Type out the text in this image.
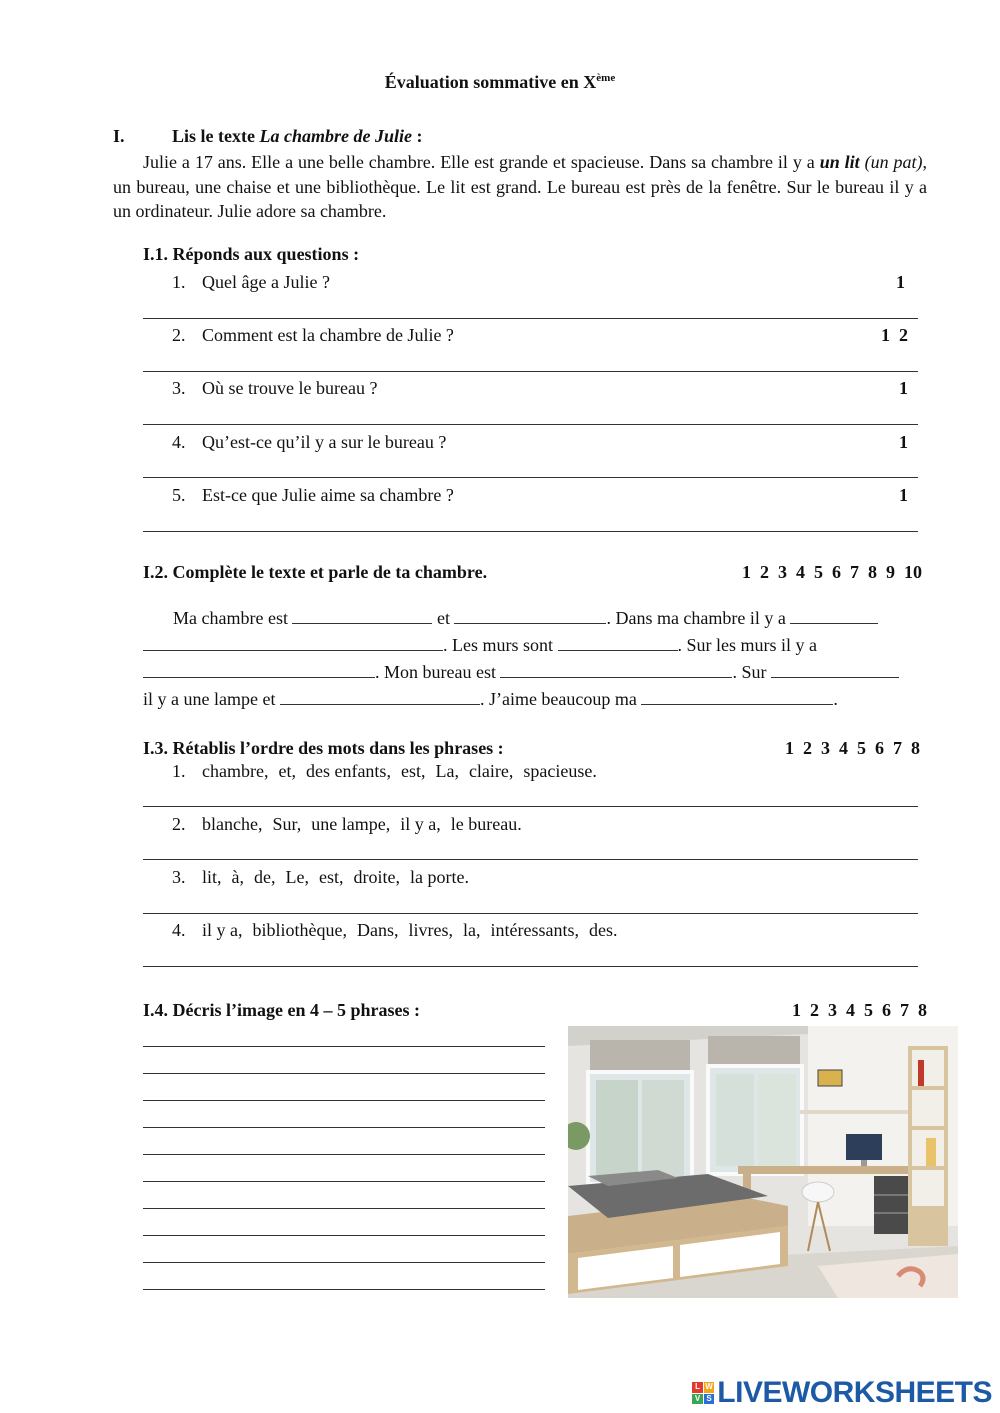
Évaluation sommative en Xème
I.	Lis le texte La chambre de Julie :
Julie a 17 ans. Elle a une belle chambre. Elle est grande et spacieuse. Dans sa chambre il y a un lit (un pat), un bureau, une chaise et une bibliothèque. Le lit est grand. Le bureau est près de la fenêtre. Sur le bureau il y a un ordinateur. Julie adore sa chambre.
I.1. Réponds aux questions :
1. Quel âge a Julie ?	1
2. Comment est la chambre de Julie ?	1  2
3. Où se trouve le bureau ?	1
4. Qu’est-ce qu’il y a sur le bureau ?	1
5. Est-ce que Julie aime sa chambre ?	1
I.2. Complète le texte et parle de ta chambre.	1  2  3  4  5  6  7  8  9  10
Ma chambre est	et	. Dans ma chambre il y a
. Les murs sont	. Sur les murs il y a
. Mon bureau est	. Sur
il y a une lampe et	. J’aime beaucoup ma	.
I.3. Rétablis l’ordre des mots dans les phrases :	1  2  3  4  5  6  7  8
1. chambre, et, des enfants, est, La, claire, spacieuse.
2. blanche, Sur, une lampe, il y a, le bureau.
3. lit, à, de, Le, est, droite, la porte.
4. il y a, bibliothèque, Dans, livres, la, intéressants, des.
I.4. Décris l’image en 4 – 5 phrases :	1  2  3  4  5  6  7  8
L W
V S LIVEWORKSHEETS
